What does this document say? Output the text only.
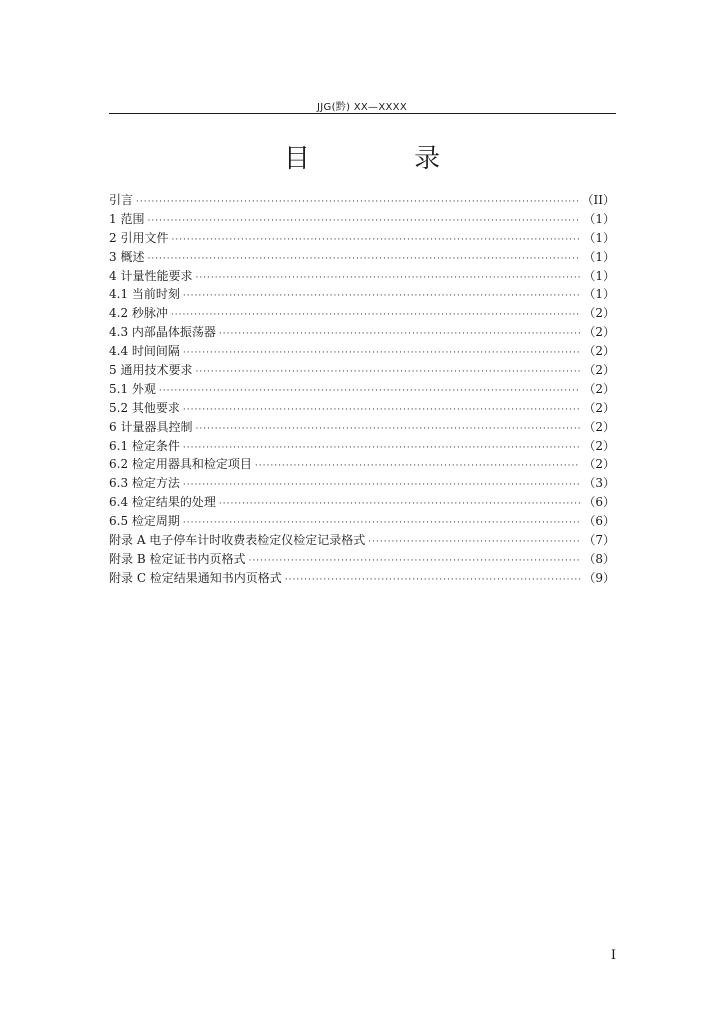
JJG(黔) XX—XXXX
目 录
引言 ·····	（II）
1 范围 ·····	（1）
2 引用文件 ·····	（1）
3 概述 ·····	（1）
4 计量性能要求 ·····	（1）
4.1 当前时刻 ·····	（1）
4.2 秒脉冲 ·····	（2）
4.3 内部晶体振荡器 ·····	（2）
4.4 时间间隔 ·····	（2）
5 通用技术要求 ·····	（2）
5.1 外观 ·····	（2）
5.2 其他要求 ·····	（2）
6 计量器具控制 ·····	（2）
6.1 检定条件 ·····	（2）
6.2 检定用器具和检定项目 ·····	（2）
6.3 检定方法 ·····	（3）
6.4 检定结果的处理 ·····	（6）
6.5 检定周期 ·····	（6）
附录 A 电子停车计时收费表检定仪检定记录格式 ·····	（7）
附录 B 检定证书内页格式 ·····	（8）
附录 C 检定结果通知书内页格式 ·····	（9）
I
